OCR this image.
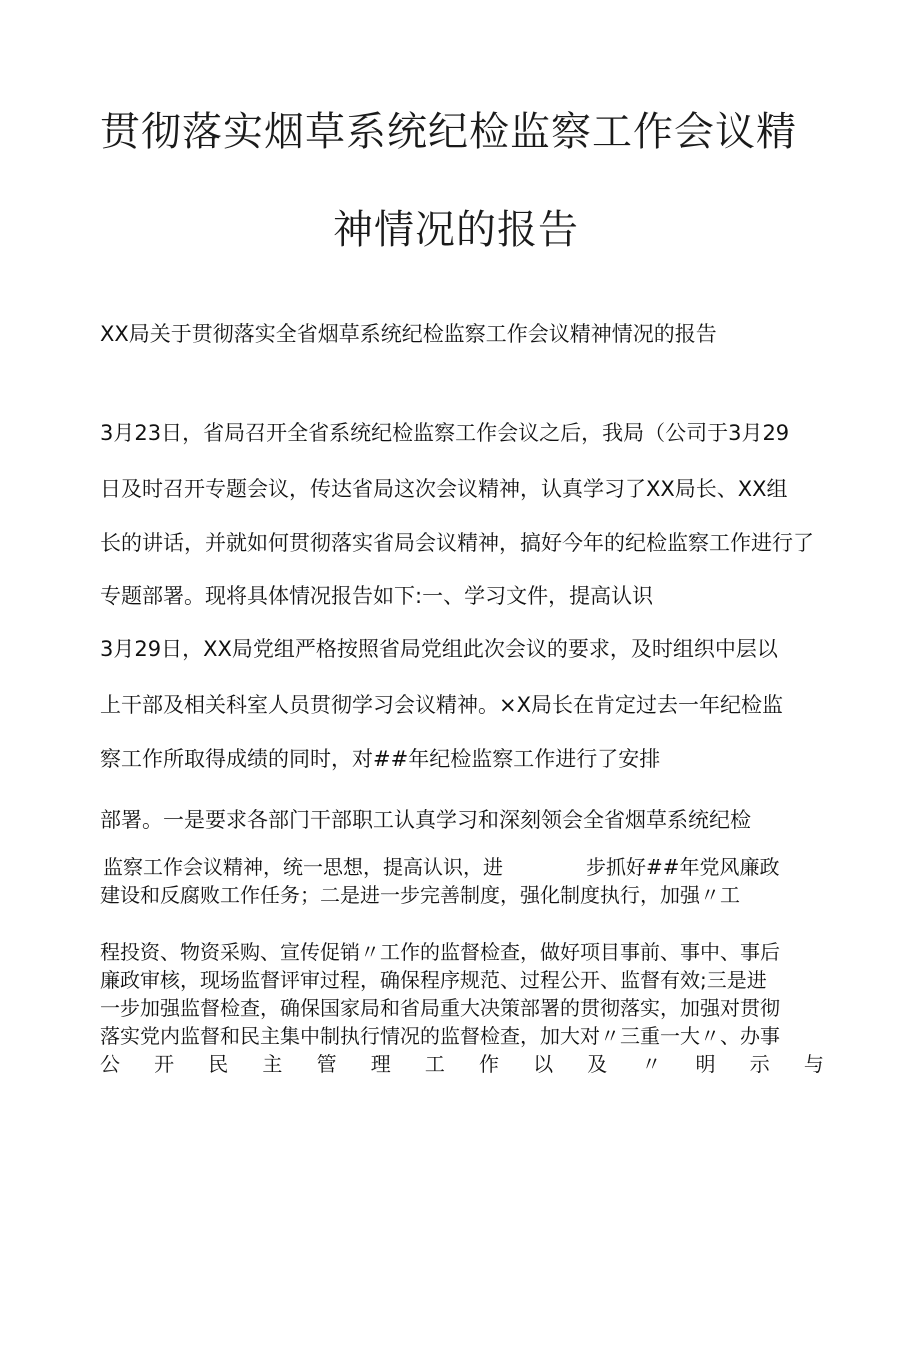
贯彻落实烟草系统纪检监察工作会议精
神情况的报告
XX局关于贯彻落实全省烟草系统纪检监察工作会议精神情况的报告
3月23日，省局召开全省系统纪检监察工作会议之后，我局（公司于3月29
日及时召开专题会议，传达省局这次会议精神，认真学习了XX局长、XX组
长的讲话，并就如何贯彻落实省局会议精神，搞好今年的纪检监察工作进行了
专题部署。现将具体情况报告如下:一、学习文件，提高认识
3月29日，XX局党组严格按照省局党组此次会议的要求，及时组织中层以
上干部及相关科室人员贯彻学习会议精神。×X局长在肯定过去一年纪检监
察工作所取得成绩的同时，对##年纪检监察工作进行了安排
部署。一是要求各部门干部职工认真学习和深刻领会全省烟草系统纪检
监察工作会议精神，统一思想，提高认识，进	步抓好##年党风廉政
建设和反腐败工作任务；二是进一步完善制度，强化制度执行，加强〃工
程投资、物资采购、宣传促销〃工作的监督检查，做好项目事前、事中、事后
廉政审核，现场监督评审过程，确保程序规范、过程公开、监督有效;三是进
一步加强监督检查，确保国家局和省局重大决策部署的贯彻落实，加强对贯彻
落实党内监督和民主集中制执行情况的监督检查，加大对〃三重一大〃、办事
公 开 民 主 管 理 工 作 以 及 〃 明 示 与
